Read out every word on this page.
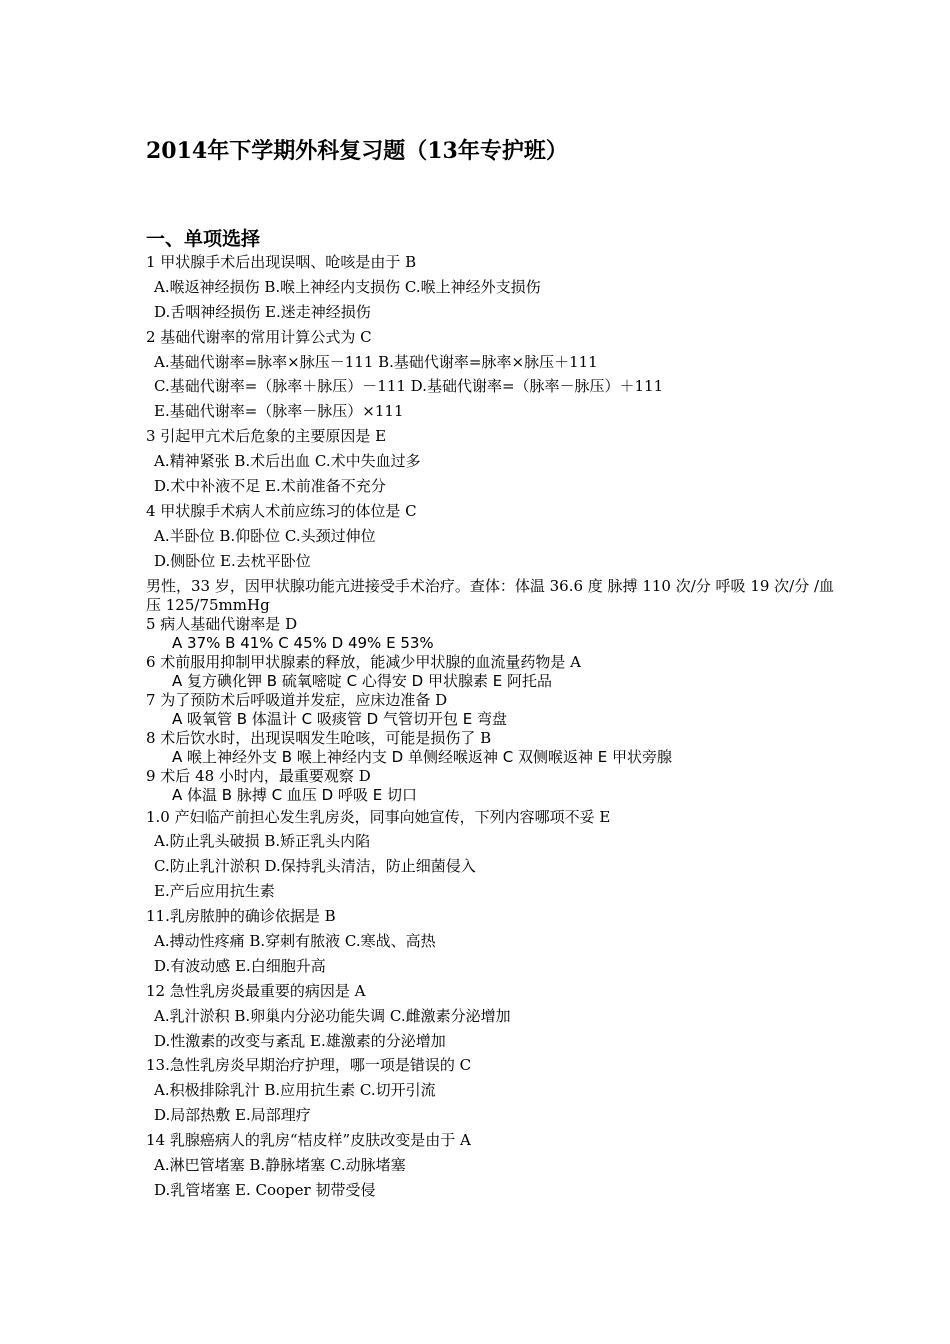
2014年下学期外科复习题（13年专护班）
一、单项选择
1 甲状腺手术后出现误咽、呛咳是由于 B
A.喉返神经损伤 B.喉上神经内支损伤 C.喉上神经外支损伤
D.舌咽神经损伤 E.迷走神经损伤
2 基础代谢率的常用计算公式为 C
A.基础代谢率=脉率×脉压－111 B.基础代谢率=脉率×脉压＋111
C.基础代谢率=（脉率＋脉压）－111 D.基础代谢率=（脉率－脉压）＋111
E.基础代谢率=（脉率－脉压）×111
3 引起甲亢术后危象的主要原因是 E
A.精神紧张 B.术后出血 C.术中失血过多
D.术中补液不足 E.术前准备不充分
4 甲状腺手术病人术前应练习的体位是 C
A.半卧位 B.仰卧位 C.头颈过伸位
D.侧卧位 E.去枕平卧位
男性，33 岁，因甲状腺功能亢进接受手术治疗。查体：体温 36.6 度 脉搏 110 次/分 呼吸 19 次/分 /血压 125/75mmHg
5 病人基础代谢率是 D
A 37% B 41% C 45% D 49% E 53%
6 术前服用抑制甲状腺素的释放，能减少甲状腺的血流量药物是 A
A 复方碘化钾 B 硫氧嘧啶 C 心得安 D 甲状腺素 E 阿托品
7 为了预防术后呼吸道并发症，应床边准备 D
A 吸氧管 B 体温计 C 吸痰管 D 气管切开包 E 弯盘
8 术后饮水时，出现误咽发生呛咳，可能是损伤了 B
A 喉上神经外支 B 喉上神经内支 D 单侧经喉返神 C 双侧喉返神 E 甲状旁腺
9 术后 48 小时内，最重要观察 D
A 体温 B 脉搏 C 血压 D 呼吸 E 切口
1.0 产妇临产前担心发生乳房炎，同事向她宣传，下列内容哪项不妥 E
A.防止乳头破损 B.矫正乳头内陷
C.防止乳汁淤积 D.保持乳头清洁，防止细菌侵入
E.产后应用抗生素
11.乳房脓肿的确诊依据是 B
A.搏动性疼痛 B.穿刺有脓液 C.寒战、高热
D.有波动感 E.白细胞升高
12 急性乳房炎最重要的病因是 A
A.乳汁淤积 B.卵巢内分泌功能失调 C.雌激素分泌增加
D.性激素的改变与紊乱 E.雄激素的分泌增加
13.急性乳房炎早期治疗护理，哪一项是错误的 C
A.积极排除乳汁 B.应用抗生素 C.切开引流
D.局部热敷 E.局部理疗
14 乳腺癌病人的乳房“桔皮样”皮肤改变是由于 A
A.淋巴管堵塞 B.静脉堵塞 C.动脉堵塞
D.乳管堵塞 E. Cooper 韧带受侵
